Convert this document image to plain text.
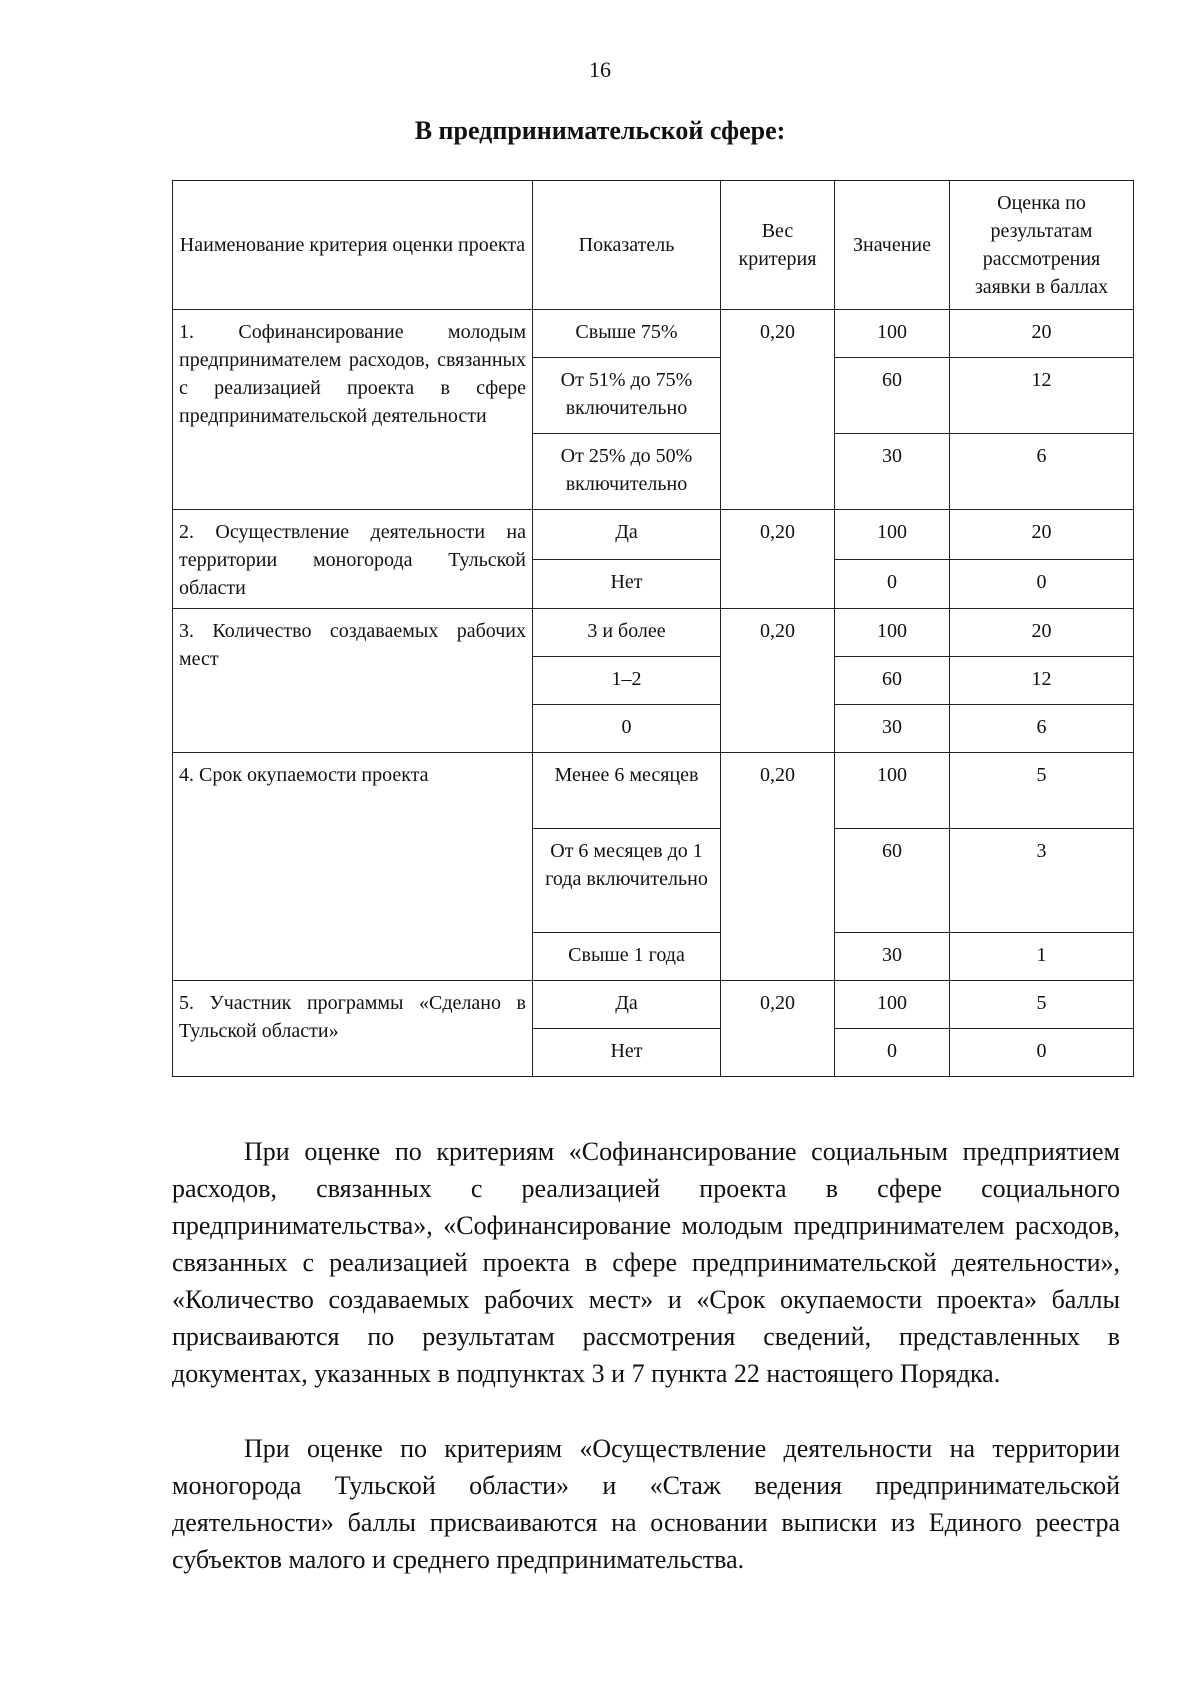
16
В предпринимательской сфере:
Наименование критерия оценки проекта	Показатель	Вес критерия	Значение	Оценка по результатам рассмотрения заявки в баллах
1. Софинансирование молодым предпринимателем расходов, связанных с реализацией проекта в сфере предпринимательской деятельности	Свыше 75%	0,20	100	20
	От 51% до 75% включительно		60	12
	От 25% до 50% включительно		30	6
2. Осуществление деятельности на территории моногорода Тульской области	Да	0,20	100	20
	Нет		0	0
3. Количество создаваемых рабочих мест	3 и более	0,20	100	20
	1–2		60	12
	0		30	6
4. Срок окупаемости проекта	Менее 6 месяцев	0,20	100	5
	От 6 месяцев до 1 года включительно		60	3
	Свыше 1 года		30	1
5. Участник программы «Сделано в Тульской области»	Да	0,20	100	5
	Нет		0	0

При оценке по критериям «Софинансирование социальным предприятием расходов, связанных с реализацией проекта в сфере социального предпринимательства», «Софинансирование молодым предпринимателем расходов, связанных с реализацией проекта в сфере предпринимательской деятельности», «Количество создаваемых рабочих мест» и «Срок окупаемости проекта» баллы присваиваются по результатам рассмотрения сведений, представленных в документах, указанных в подпунктах 3 и 7 пункта 22 настоящего Порядка.

При оценке по критериям «Осуществление деятельности на территории моногорода Тульской области» и «Стаж ведения предпринимательской деятельности» баллы присваиваются на основании выписки из Единого реестра субъектов малого и среднего предпринимательства.
